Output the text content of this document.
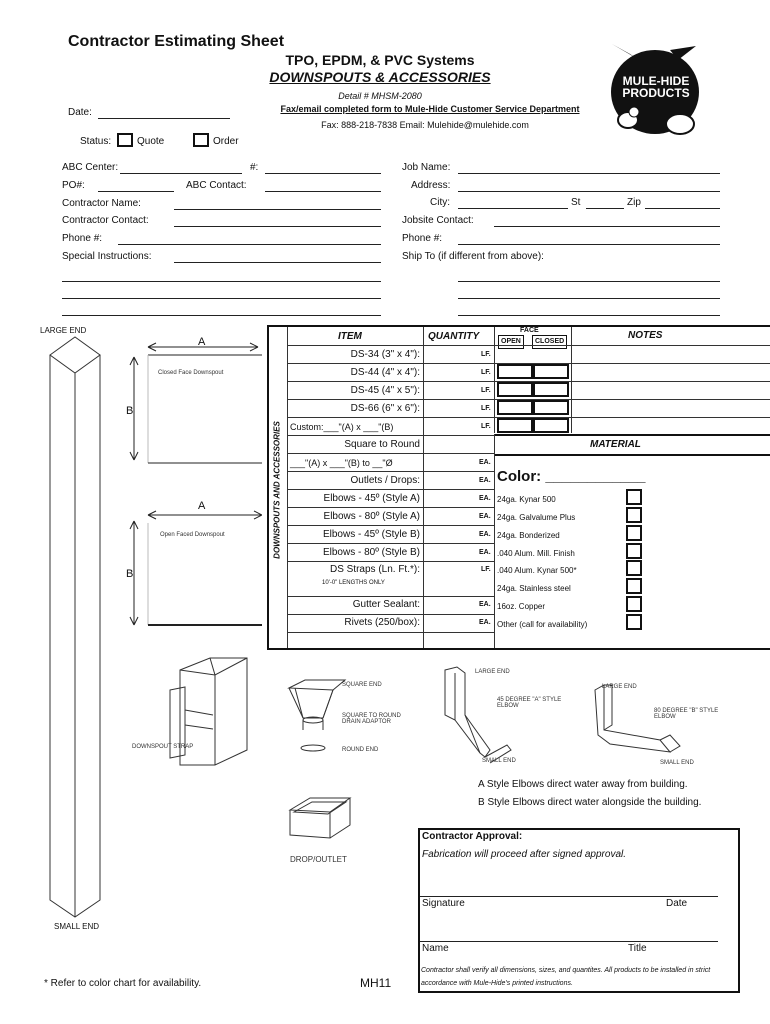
Contractor Estimating Sheet
TPO, EPDM, & PVC Systems
DOWNSPOUTS & ACCESSORIES
Detail # MHSM-2080
Fax/email completed form to Mule-Hide Customer Service Department
Fax: 888-218-7838 Email: Mulehide@mulehide.com
MULE-HIDE
PRODUCTS
Date:
Status:	Quote	Order
ABC Center:	#:
PO#:	ABC Contact:
Contractor Name:
Contractor Contact:
Phone #:
Special Instructions:
Job Name:
Address:
City:	St	Zip
Jobsite Contact:
Phone #:
Ship To (if different from above):
LARGE END
SMALL END
A
B
A
B
Closed Face Downspout
Open Faced Downspout	DOWNSPOUTS AND ACCESSORIES
ITEM	QUANTITY
FACE
OPEN	CLOSED
NOTES
DS-34 (3" x 4"):	LF.
DS-44 (4" x 4"):	LF.
DS-45 (4" x 5"):	LF.
DS-66 (6" x 6"):	LF.
Custom:___"(A) x ___"(B)	LF.
MATERIAL
Square to Round
___"(A) x ___"(B) to __"Ø	EA.
Color: ____________
Outlets / Drops:	EA.
Elbows - 45º (Style A)	EA.
Elbows - 80º (Style A)	EA.
Elbows - 45º (Style B)	EA.
Elbows - 80º (Style B)	EA.
DS Straps (Ln. Ft.*):	LF.
10'-0" LENGTHS ONLY
Gutter Sealant:	EA.
Rivets (250/box):	EA.
24ga. Kynar 500
24ga. Galvalume Plus
24ga. Bonderized
.040 Alum. Mill. Finish
.040 Alum. Kynar 500*
24ga. Stainless steel
16oz. Copper
Other (call for availability)
DOWNSPOUT STRAP
SQUARE END
SQUARE TO ROUND DRAIN ADAPTOR
ROUND END
DROP/OUTLET
LARGE END
45 DEGREE "A" STYLE ELBOW
SMALL END
LARGE END
80 DEGREE "B" STYLE ELBOW
SMALL END
A Style Elbows direct water away from building.
B Style Elbows direct water alongside the building.
Contractor Approval:
Fabrication will proceed after signed approval.
Signature	Date
Name	Title
Contractor shall verify all dimensions, sizes, and quantites. All products to be installed in strict accordance with Mule-Hide's printed instructions.
* Refer to color chart for availability.	MH11
